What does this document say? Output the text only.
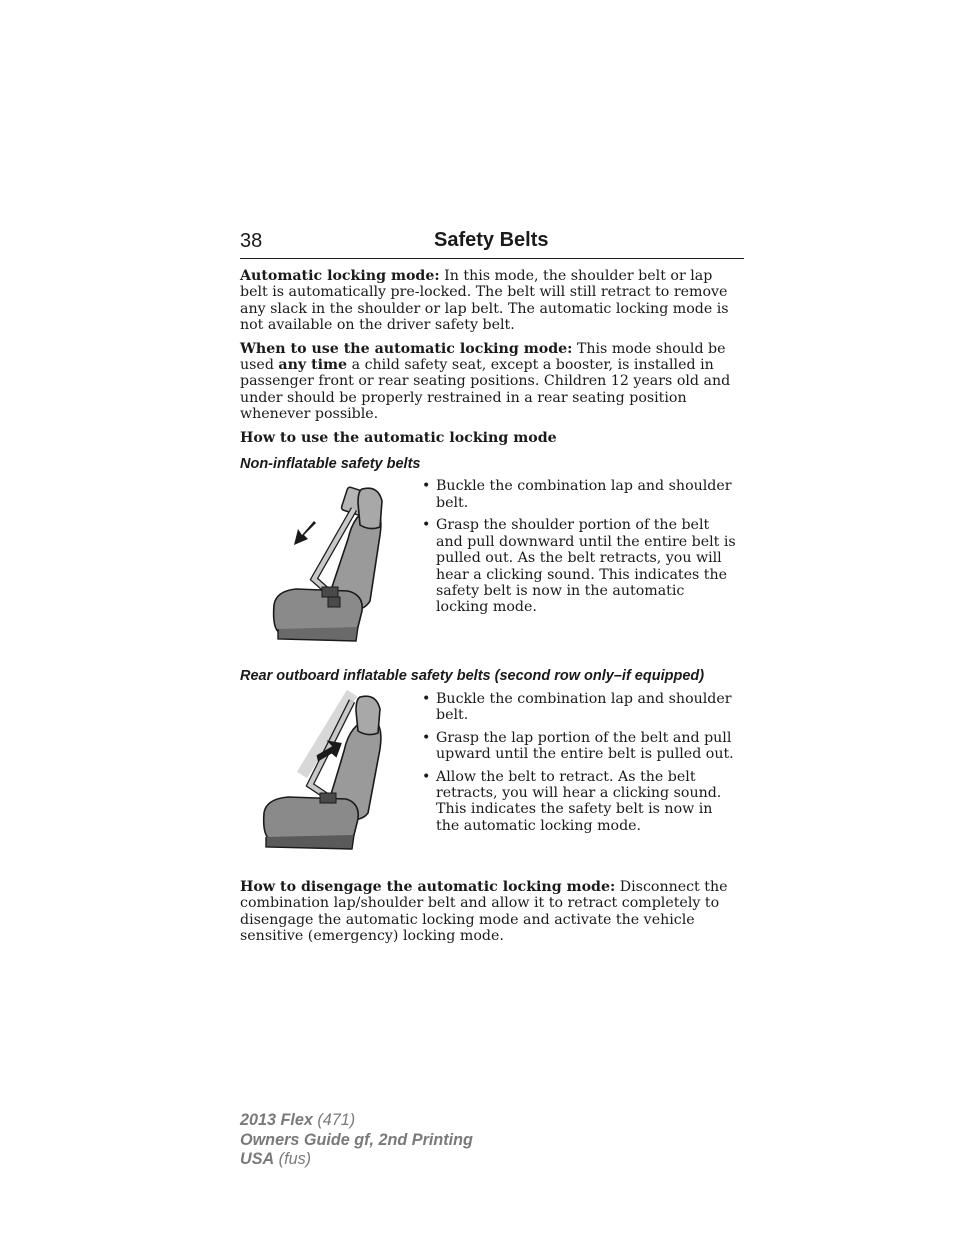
38	Safety Belts

Automatic locking mode: In this mode, the shoulder belt or lap belt is automatically pre-locked. The belt will still retract to remove any slack in the shoulder or lap belt. The automatic locking mode is not available on the driver safety belt.

When to use the automatic locking mode: This mode should be used any time a child safety seat, except a booster, is installed in passenger front or rear seating positions. Children 12 years old and under should be properly restrained in a rear seating position whenever possible.

How to use the automatic locking mode

Non-inflatable safety belts
• Buckle the combination lap and shoulder belt.
• Grasp the shoulder portion of the belt and pull downward until the entire belt is pulled out. As the belt retracts, you will hear a clicking sound. This indicates the safety belt is now in the automatic locking mode.
Rear outboard inflatable safety belts (second row only–if equipped)
• Buckle the combination lap and shoulder belt.
• Grasp the lap portion of the belt and pull upward until the entire belt is pulled out.
• Allow the belt to retract. As the belt retracts, you will hear a clicking sound. This indicates the safety belt is now in the automatic locking mode.

How to disengage the automatic locking mode: Disconnect the combination lap/shoulder belt and allow it to retract completely to disengage the automatic locking mode and activate the vehicle sensitive (emergency) locking mode.

2013 Flex (471)
Owners Guide gf, 2nd Printing
USA (fus)
